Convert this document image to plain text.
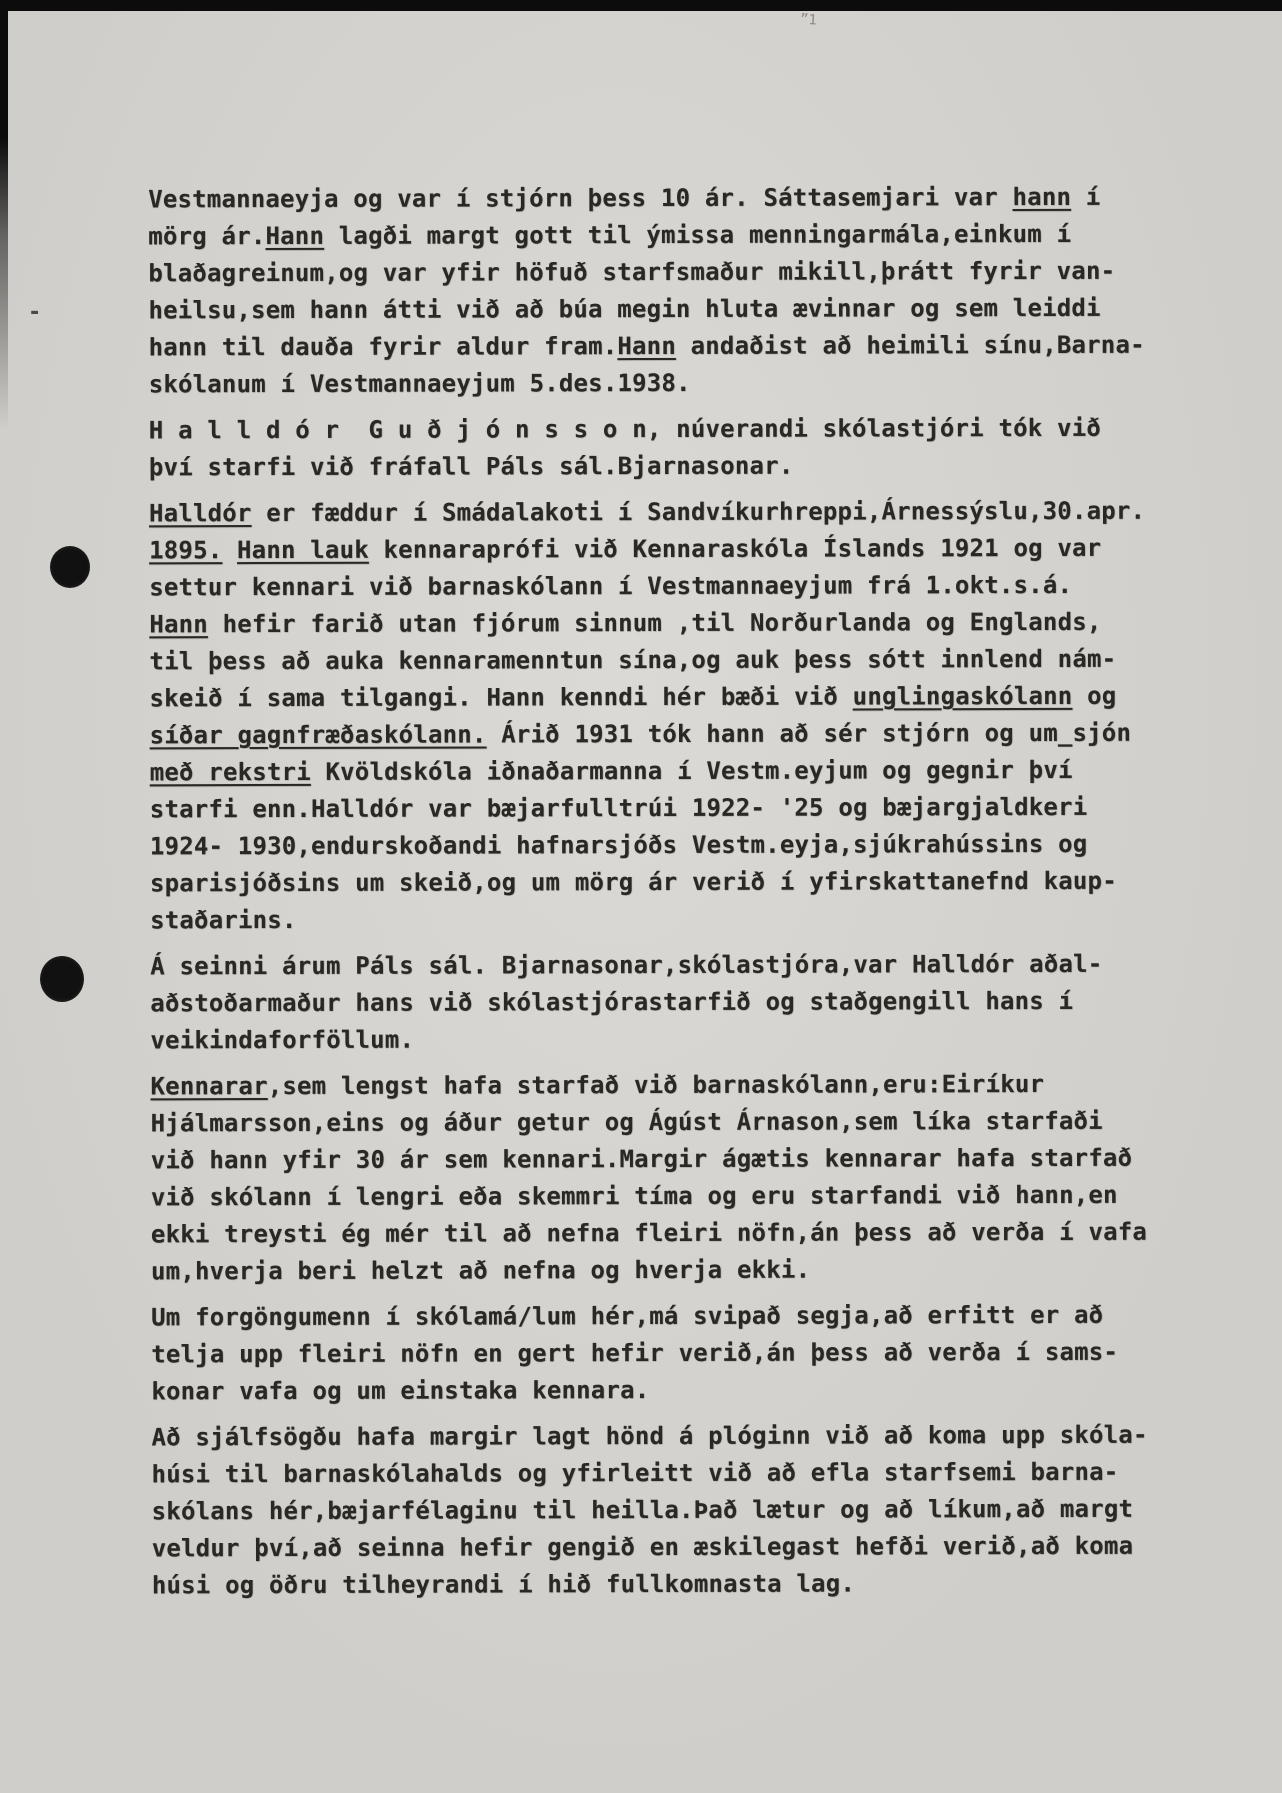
-
”1
Vestmannaeyja og var í stjórn þess 10 ár. Sáttasemjari var hann í
mörg ár.Hann lagði margt gott til ýmissa menningarmála,einkum í
blaðagreinum,og var yfir höfuð starfsmaður mikill,þrátt fyrir van-
heilsu,sem hann átti við að búa megin hluta ævinnar og sem leiddi
hann til dauða fyrir aldur fram.Hann andaðist að heimili sínu,Barna-
skólanum í Vestmannaeyjum 5.des.1938.
H a l l d ó r  G u ð j ó n s s o n, núverandi skólastjóri tók við
því starfi við fráfall Páls sál.Bjarnasonar.
Halldór er fæddur í Smádalakoti í Sandvíkurhreppi,Árnessýslu,30.apr.
1895. Hann lauk kennaraprófi við Kennaraskóla Íslands 1921 og var
settur kennari við barnaskólann í Vestmannaeyjum frá 1.okt.s.á.
Hann hefir farið utan fjórum sinnum ,til Norðurlanda og Englands,
til þess að auka kennaramenntun sína,og auk þess sótt innlend nám-
skeið í sama tilgangi. Hann kenndi hér bæði við unglingaskólann og
síðar gagnfræðaskólann. Árið 1931 tók hann að sér stjórn og um_sjón
með rekstri Kvöldskóla iðnaðarmanna í Vestm.eyjum og gegnir því
starfi enn.Halldór var bæjarfulltrúi 1922- '25 og bæjargjaldkeri
1924- 1930,endurskoðandi hafnarsjóðs Vestm.eyja,sjúkrahússins og
sparisjóðsins um skeið,og um mörg ár verið í yfirskattanefnd kaup-
staðarins.
Á seinni árum Páls sál. Bjarnasonar,skólastjóra,var Halldór aðal-
aðstoðarmaður hans við skólastjórastarfið og staðgengill hans í
veikindaforföllum.
Kennarar,sem lengst hafa starfað við barnaskólann,eru:Eiríkur
Hjálmarsson,eins og áður getur og Ágúst Árnason,sem líka starfaði
við hann yfir 30 ár sem kennari.Margir ágætis kennarar hafa starfað
við skólann í lengri eða skemmri tíma og eru starfandi við hann,en
ekki treysti ég mér til að nefna fleiri nöfn,án þess að verða í vafa
um,hverja beri helzt að nefna og hverja ekki.
Um forgöngumenn í skólamá/lum hér,má svipað segja,að erfitt er að
telja upp fleiri nöfn en gert hefir verið,án þess að verða í sams-
konar vafa og um einstaka kennara.
Að sjálfsögðu hafa margir lagt hönd á plóginn við að koma upp skóla-
húsi til barnaskólahalds og yfirleitt við að efla starfsemi barna-
skólans hér,bæjarfélaginu til heilla.Það lætur og að líkum,að margt
veldur því,að seinna hefir gengið en æskilegast hefði verið,að koma
húsi og öðru tilheyrandi í hið fullkomnasta lag.
